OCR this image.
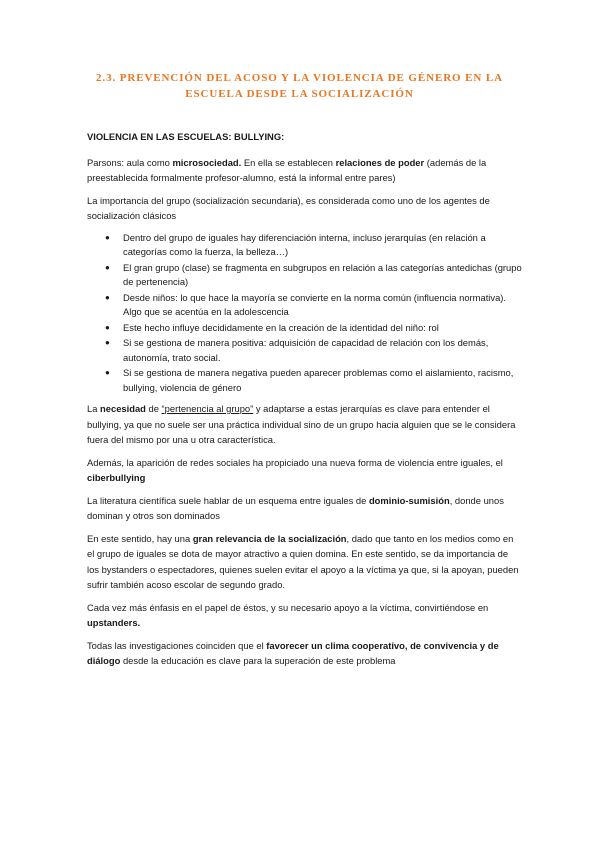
2.3. PREVENCIÓN DEL ACOSO Y LA VIOLENCIA DE GÉNERO EN LA
ESCUELA DESDE LA SOCIALIZACIÓN

VIOLENCIA EN LAS ESCUELAS: BULLYING:

Parsons: aula como microsociedad. En ella se establecen relaciones de poder (además de la preestablecida formalmente profesor-alumno, está la informal entre pares)

La importancia del grupo (socialización secundaria), es considerada como uno de los agentes de socialización clásicos

● Dentro del grupo de iguales hay diferenciación interna, incluso jerarquías (en relación a categorías como la fuerza, la belleza…)
● El gran grupo (clase) se fragmenta en subgrupos en relación a las categorías antedichas (grupo de pertenencia)
● Desde niños: lo que hace la mayoría se convierte en la norma común (influencia normativa). Algo que se acentúa en la adolescencia
● Este hecho influye decididamente en la creación de la identidad del niño: rol
● Si se gestiona de manera positiva: adquisición de capacidad de relación con los demás, autonomía, trato social.
● Si se gestiona de manera negativa pueden aparecer problemas como el aislamiento, racismo, bullying, violencia de género

La necesidad de “pertenencia al grupo” y adaptarse a estas jerarquías es clave para entender el bullying, ya que no suele ser una práctica individual sino de un grupo hacia alguien que se le considera fuera del mismo por una u otra característica.

Además, la aparición de redes sociales ha propiciado una nueva forma de violencia entre iguales, el ciberbullying

La literatura científica suele hablar de un esquema entre iguales de dominio-sumisión, donde unos dominan y otros son dominados

En este sentido, hay una gran relevancia de la socialización, dado que tanto en los medios como en el grupo de iguales se dota de mayor atractivo a quien domina. En este sentido, se da importancia de los bystanders o espectadores, quienes suelen evitar el apoyo a la víctima ya que, si la apoyan, pueden sufrir también acoso escolar de segundo grado.

Cada vez más énfasis en el papel de éstos, y su necesario apoyo a la víctima, convirtiéndose en upstanders.

Todas las investigaciones coinciden que el favorecer un clima cooperativo, de convivencia y de diálogo desde la educación es clave para la superación de este problema
